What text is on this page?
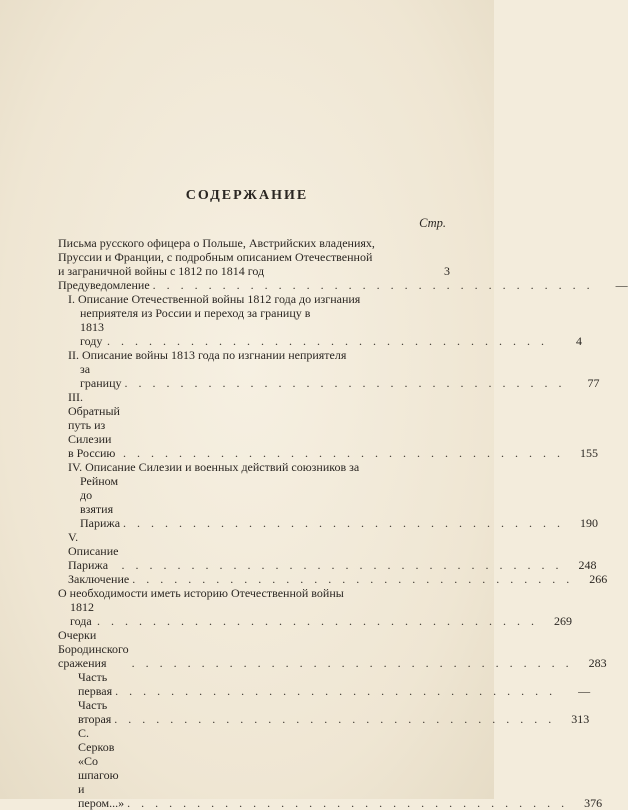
СОДЕРЖАНИЕ
Стр.
Письма русского офицера о Польше, Австрийских владениях,
Пруссии и Франции, с подробным описанием Отечественной
и заграничной войны с 1812 по 1814 год	3
Предуведомление . . . . . . . . . . . . . . . . . . . . . . . . . . . . . . . .	—
I. Описание Отечественной войны 1812 года до изгнания
неприятеля из России и переход за границу в
1813 году . . . . . . . . . . . . . . . . . . . . . . . . . . . . . . . .	4
II. Описание войны 1813 года по изгнании неприятеля
за границу . . . . . . . . . . . . . . . . . . . . . . . . . . . . . . . .	77
III. Обратный путь из Силезии в Россию . . . . . . . . . . . . . . . . . . . . . . . . . . . . . . . .	155
IV. Описание Силезии и военных действий союзников за
Рейном до взятия Парижа . . . . . . . . . . . . . . . . . . . . . . . . . . . . . . . .	190
V. Описание Парижа	. . . . . . . . . . . . . . . . . . . . . . . . . . . . . . . .	248
Заключение . . . . . . . . . . . . . . . . . . . . . . . . . . . . . . . .	266
О необходимости иметь историю Отечественной войны
1812 года . . . . . . . . . . . . . . . . . . . . . . . . . . . . . . . .	269
Очерки Бородинского сражения	. . . . . . . . . . . . . . . . . . . . . . . . . . . . . . . .	283
Часть первая . . . . . . . . . . . . . . . . . . . . . . . . . . . . . . . .	—
Часть вторая . . . . . . . . . . . . . . . . . . . . . . . . . . . . . . . .	313
С. Серков «Со шпагою и пером...» . . . . . . . . . . . . . . . . . . . . . . . . . . . . . . . .	376
